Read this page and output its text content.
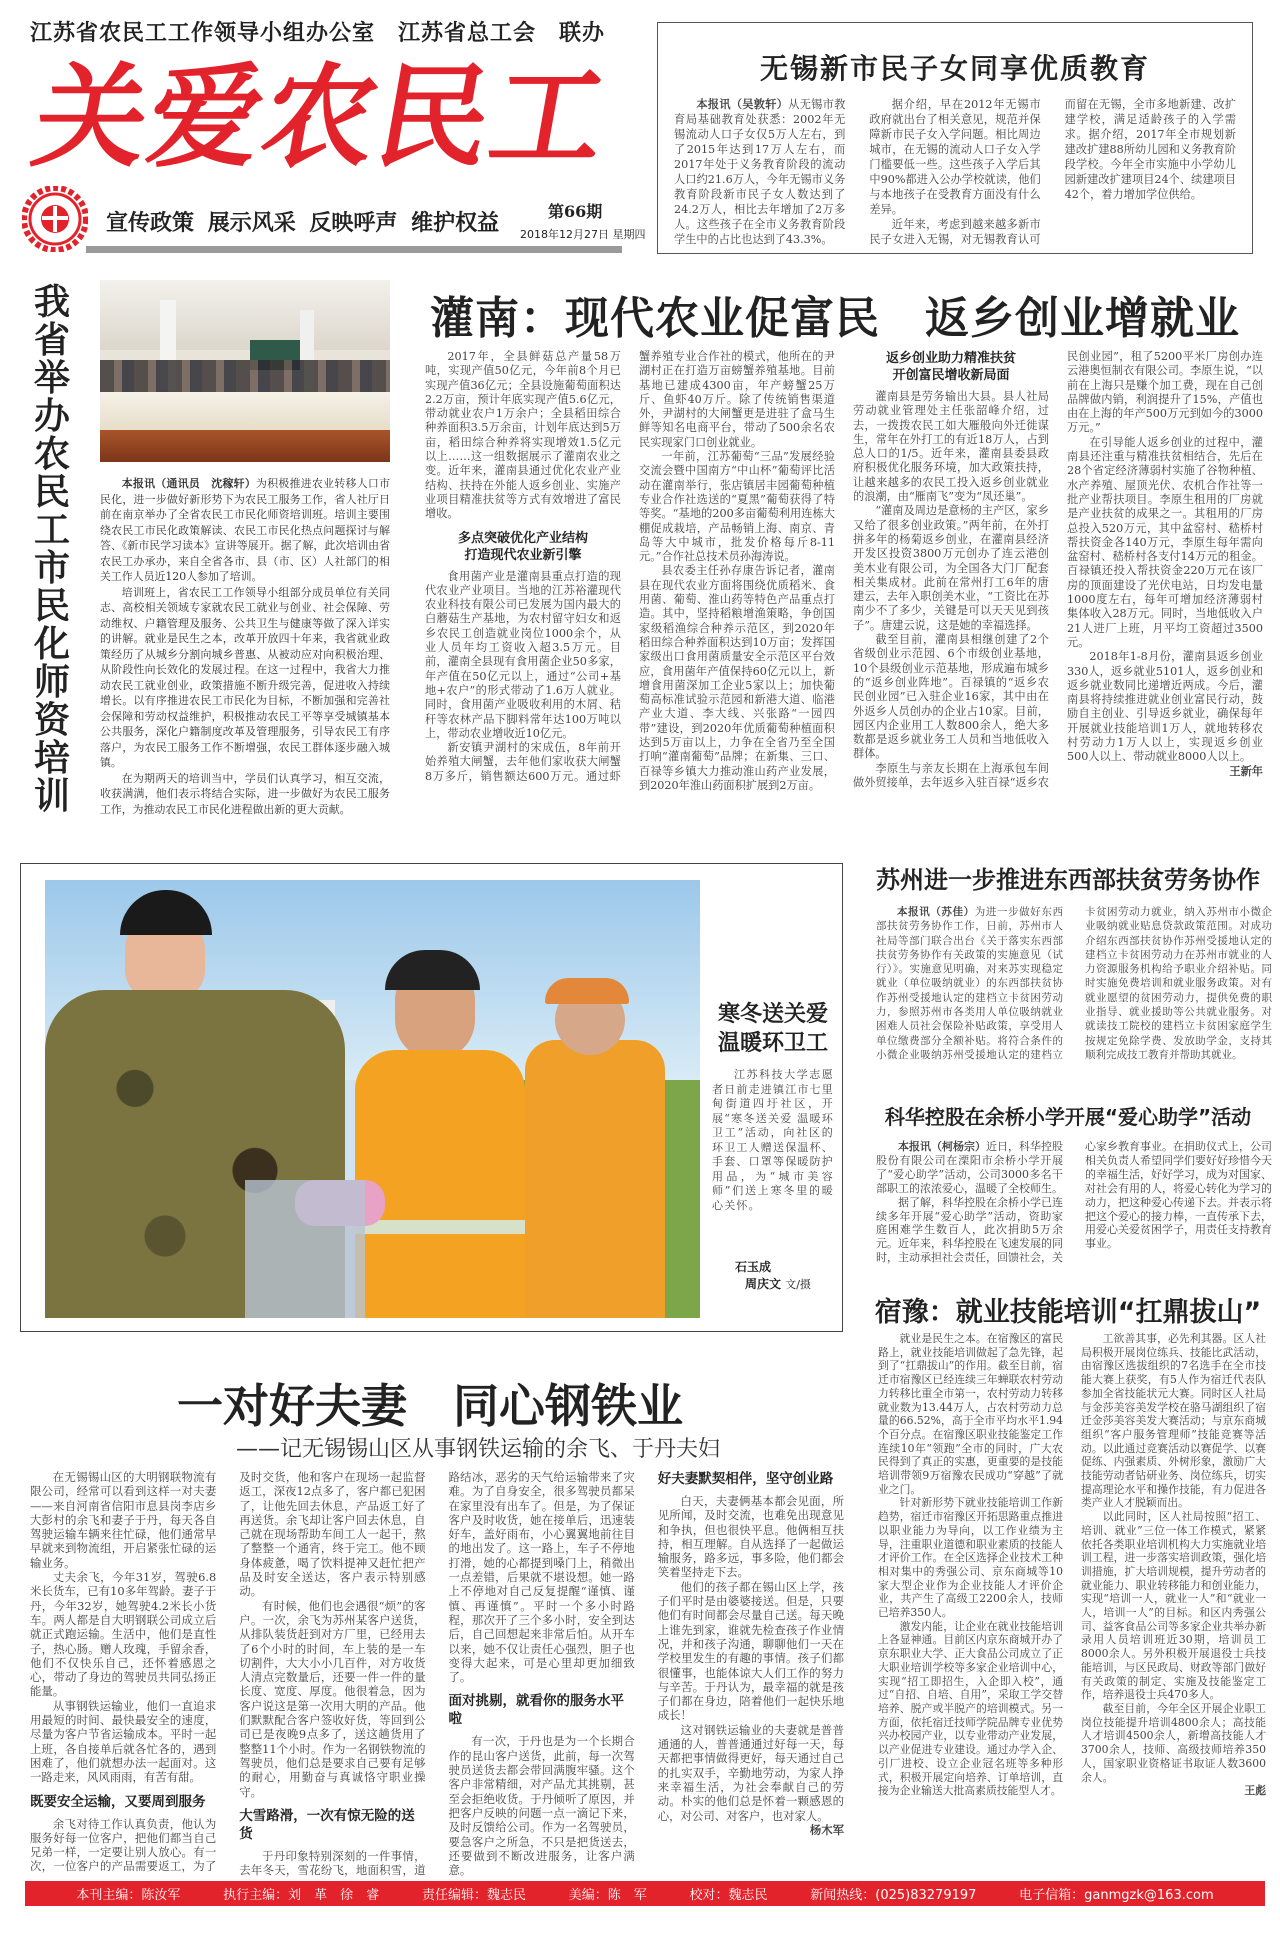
江苏省农民工工作领导小组办公室　江苏省总工会　联办
关爱农民工
宣传政策 展示风采 反映呼声 维护权益	第66期
2018年12月27日 星期四
无锡新市民子女同享优质教育

本报讯（吴敦轩）从无锡市教育局基础教育处获悉：2002年无锡流动人口子女仅5万人左右，到了2015年达到17万人左右，而2017年处于义务教育阶段的流动人口约21.6万人，今年无锡市义务教育阶段新市民子女人数达到了24.2万人，相比去年增加了2万多人。这些孩子在全市义务教育阶段学生中的占比也达到了43.3%。

据介绍，早在2012年无锡市政府就出台了相关意见，规范并保障新市民子女入学问题。相比周边城市，在无锡的流动人口子女入学门槛要低一些。这些孩子入学后其中90%都进入公办学校就读，他们与本地孩子在受教育方面没有什么差异。

近年来，考虑到越来越多新市民子女进入无锡，对无锡教育认可而留在无锡，全市多地新建、改扩建学校，满足适龄孩子的入学需求。据介绍，2017年全市规划新建改扩建88所幼儿园和义务教育阶段学校。今年全市实施中小学幼儿园新建改扩建项目24个、续建项目42个，着力增加学位供给。

我省举办农民工市民化师资培训

本报讯（通讯员　沈稼轩）为积极推进农业转移人口市民化，进一步做好新形势下为农民工服务工作，省人社厅日前在南京举办了全省农民工市民化师资培训班。培训主要围绕农民工市民化政策解读、农民工市民化热点问题探讨与解答、《新市民学习读本》宣讲等展开。据了解，此次培训由省农民工办承办，来自全省各市、县（市、区）人社部门的相关工作人员近120人参加了培训。

培训班上，省农民工工作领导小组部分成员单位有关同志、高校相关领域专家就农民工就业与创业、社会保障、劳动维权、户籍管理及服务、公共卫生与健康等做了深入详实的讲解。就业是民生之本，改革开放四十年来，我省就业政策经历了从城乡分割向城乡普惠、从被动应对向积极治理、从阶段性向长效化的发展过程。在这一过程中，我省大力推动农民工就业创业，政策措施不断升级完善，促进收入持续增长。以有序推进农民工市民化为目标，不断加强和完善社会保障和劳动权益维护，积极推动农民工平等享受城镇基本公共服务，深化户籍制度改革及管理服务，引导农民工有序落户，为农民工服务工作不断增强，农民工群体逐步融入城镇。

在为期两天的培训当中，学员们认真学习，相互交流，收获满满，他们表示将结合实际，进一步做好为农民工服务工作，为推动农民工市民化进程做出新的更大贡献。

灌南：现代农业促富民　返乡创业增就业

2017年，全县鲜菇总产量58万吨，实现产值50亿元，今年前8个月已实现产值36亿元；全县设施葡萄面积达2.2万亩，预计年底实现产值5.6亿元，带动就业农户1万余户；全县稻田综合种养面积3.5万余亩，计划年底达到5万亩，稻田综合种养将实现增效1.5亿元以上……这一组数据展示了灌南农业之变。近年来，灌南县通过优化农业产业结构、扶持在外能人返乡创业、实施产业项目精准扶贫等方式有效增进了富民增收。

多点突破优化产业结构
打造现代农业新引擎

食用菌产业是灌南县重点打造的现代农业产业项目。当地的江苏裕灌现代农业科技有限公司已发展为国内最大的白蘑菇生产基地，为农村留守妇女和返乡农民工创造就业岗位1000余个，从业人员年均工资收入超3.5万元。目前，灌南全县现有食用菌企业50多家，年产值在50亿元以上，通过“公司+基地+农户”的形式带动了1.6万人就业。同时，食用菌产业吸收利用的木屑、秸秆等农林产品下脚料常年达100万吨以上，带动农业增收近10亿元。

新安镇尹湖村的宋成伍，8年前开始养殖大闸蟹，去年他们家收获大闸蟹8万多斤，销售额达600万元。通过虾蟹养殖专业合作社的模式，他所在的尹湖村正在打造万亩螃蟹养殖基地。目前基地已建成4300亩，年产螃蟹25万斤、鱼虾40万斤。除了传统销售渠道外，尹湖村的大闸蟹更是进驻了盒马生鲜等知名电商平台，带动了500余名农民实现家门口创业就业。

一年前，江苏葡萄“三品”发展经验交流会暨中国南方“中山杯”葡萄评比活动在灌南举行，张店镇居丰园葡萄种植专业合作社选送的“夏黑”葡萄获得了特等奖。“基地的200多亩葡萄利用连栋大棚促成栽培，产品畅销上海、南京、青岛等大中城市，批发价格每斤8-11元。”合作社总技术员孙海涛说。

县农委主任孙存康告诉记者，灌南县在现代农业方面将围绕优质稻米、食用菌、葡萄、淮山药等特色产品重点打造。其中，坚持稻粮增渔策略，争创国家级稻渔综合种养示范区，到2020年稻田综合种养面积达到10万亩；发挥国家级出口食用菌质量安全示范区平台效应，食用菌年产值保持60亿元以上，新增食用菌深加工企业5家以上；加快葡萄高标准试验示范园和新港大道、临港产业大道、李大线、兴张路“一园四带”建设，到2020年优质葡萄种植面积达到5万亩以上，力争在全省乃至全国打响“灌南葡萄”品牌；在新集、三口、百禄等乡镇大力推动淮山药产业发展，到2020年淮山药面积扩展到2万亩。

返乡创业助力精准扶贫
开创富民增收新局面

灌南县是劳务输出大县。县人社局劳动就业管理处主任张韶峰介绍，过去，一拨拨农民工如大雁般向外迁徙谋生，常年在外打工的有近18万人，占到总人口的1/5。近年来，灌南县委县政府积极优化服务环境，加大政策扶持，让越来越多的农民工投入返乡创业就业的浪潮，由“雁南飞”变为“凤还巢”。

“灌南及周边是意杨的主产区，家乡又给了很多创业政策。”两年前，在外打拼多年的杨菊返乡创业，在灌南县经济开发区投资3800万元创办了连云港创美木业有限公司，为全国各大门厂配套相关集成材。此前在常州打工6年的唐建云，去年入职创美木业，“工资比在苏南少不了多少，关键是可以天天见到孩子”。唐建云说，这是她的幸福选择。

截至目前，灌南县相继创建了2个省级创业示范园、6个市级创业基地，10个县级创业示范基地，形成遍布城乡的“返乡创业阵地”。百禄镇的“返乡农民创业园”已入驻企业16家，其中由在外返乡人员创办的企业占10家。目前，园区内企业用工人数800余人，绝大多数都是返乡就业务工人员和当地低收入群体。

李原生与亲友长期在上海承包车间做外贸接单，去年返乡入驻百禄“返乡农民创业园”，租了5200平米厂房创办连云港奥恒制衣有限公司。李原生说，“以前在上海只是赚个加工费，现在自己创品牌做内销，利润提升了15%，产值也由在上海的年产500万元到如今的3000万元。”

在引导能人返乡创业的过程中，灌南县还注重与精准扶贫相结合，先后在28个省定经济薄弱村实施了谷物种植、水产养殖、屋顶光伏、农机合作社等一批产业帮扶项目。李原生租用的厂房就是产业扶贫的成果之一。其租用的厂房总投入520万元，其中盆窑村、嵇桥村帮扶资金各140万元，李原生每年需向盆窑村、嵇桥村各支付14万元的租金。百禄镇还投入帮扶资金220万元在该厂房的顶面建设了光伏电站，日均发电量1000度左右，每年可增加经济薄弱村集体收入28万元。同时，当地低收入户21人进厂上班，月平均工资超过3500元。

2018年1-8月份，灌南县返乡创业330人，返乡就业5101人，返乡创业和返乡就业数同比递增近两成。今后，灌南县将持续推进就业创业富民行动，鼓励自主创业、引导返乡就业，确保每年开展就业技能培训1万人，就地转移农村劳动力1万人以上，实现返乡创业500人以上、带动就业8000人以上。

王新年

寒冬送关爱
温暖环卫工

江苏科技大学志愿者日前走进镇江市七里甸街道四圩社区，开展“寒冬送关爱 温暖环卫工”活动，向社区的环卫工人赠送保温杯、手套、口罩等保暖防护用品，为“城市美容师”们送上寒冬里的暖心关怀。

石玉成
周庆文 文/摄
苏州进一步推进东西部扶贫劳务协作

本报讯（苏佳）为进一步做好东西部扶贫劳务协作工作，日前，苏州市人社局等部门联合出台《关于落实东西部扶贫劳务协作有关政策的实施意见（试行）》。实施意见明确，对来苏实现稳定就业（单位吸纳就业）的东西部扶贫协作苏州受援地认定的建档立卡贫困劳动力，参照苏州市各类用人单位吸纳就业困难人员社会保险补贴政策，享受用人单位缴费部分全额补贴。将符合条件的小微企业吸纳苏州受援地认定的建档立卡贫困劳动力就业，纳入苏州市小微企业吸纳就业贴息贷款政策范围。对成功介绍东西部扶贫协作苏州受援地认定的建档立卡贫困劳动力在苏州市就业的人力资源服务机构给予职业介绍补贴。同时实施免费培训和就业服务政策。对有就业愿望的贫困劳动力，提供免费的职业指导、就业援助等公共就业服务。对就读技工院校的建档立卡贫困家庭学生按规定免除学费、发放助学金，支持其顺利完成技工教育并帮助其就业。

科华控股在余桥小学开展“爱心助学”活动

本报讯（柯杨宗）近日，科华控股股份有限公司在溧阳市余桥小学开展了“爱心助学”活动，公司3000多名干部职工的浓浓爱心，温暖了全校师生。

据了解，科华控股在余桥小学已连续多年开展“爱心助学”活动，资助家庭困难学生数百人，此次捐助5万余元。近年来，科华控股在飞速发展的同时，主动承担社会责任，回馈社会，关心家乡教育事业。在捐助仪式上，公司相关负责人希望同学们要好好珍惜今天的幸福生活，好好学习，成为对国家、对社会有用的人，将爱心转化为学习的动力，把这种爱心传递下去。并表示将把这个爱心的接力棒，一直传承下去，用爱心关爱贫困学子，用责任支持教育事业。

宿豫：就业技能培训“扛鼎拔山”

就业是民生之本。在宿豫区的富民路上，就业技能培训做起了急先锋，起到了“扛鼎拔山”的作用。截至目前，宿迁市宿豫区已经连续三年蝉联农村劳动力转移比重全市第一，农村劳动力转移就业数为13.44万人，占农村劳动力总量的66.52%，高于全市平均水平1.94个百分点。在宿豫区职业技能鉴定工作连续10年“领跑”全市的同时，广大农民得到了真正的实惠，更重要的是技能培训带领9万宿豫农民成功“穿越”了就业之门。

针对新形势下就业技能培训工作新趋势，宿迁市宿豫区开拓思路重点推进以职业能力为导向，以工作业绩为主导，注重职业道德和职业素质的技能人才评价工作。在全区选择企业技术工种相对集中的秀强公司、京东商城等10家大型企业作为企业技能人才评价企业，共产生了高级工2200余人，技师已培养350人。

激发内能，让企业在就业技能培训上各显神通。目前区内京东商城开办了京东职业大学、正大食品公司成立了正大职业培训学校等多家企业培训中心，实现“招工即招生，入企即入校”，通过“自招、自培、自用”，采取工学交替培养、脱产或半脱产的培训模式。另一方面，依托宿迁技师学院品牌专业优势兴办校园产业，以专业带动产业发展，以产业促进专业建设。通过办学入企、引厂进校、设立企业冠名班等多种形式，积极开展定向培养、订单培训，直接为企业输送大批高素质技能型人才。

工欲善其事，必先利其器。区人社局积极开展岗位练兵、技能比武活动，由宿豫区选拔组织的7名选手在全市技能大赛上获奖，有5人作为宿迁代表队参加全省技能状元大赛。同时区人社局与金莎美容美发学校在骆马湖组织了宿迁金莎美容美发大赛活动；与京东商城组织“客户服务管理师”技能竞赛等活动。以此通过竞赛活动以赛促学、以赛促练、内强素质、外树形象，激励广大技能劳动者钻研业务、岗位练兵，切实提高理论水平和操作技能，有力促进各类产业人才脱颖而出。

以此同时，区人社局按照“招工、培训、就业”三位一体工作模式，紧紧依托各类职业培训机构大力实施就业培训工程，进一步落实培训政策，强化培训措施，扩大培训规模，提升劳动者的就业能力、职业转移能力和创业能力，实现“培训一人，就业一人”和“就业一人，培训一人”的目标。和区内秀强公司、益客食品公司等多家企业共举办新录用人员培训班近30期，培训员工8000余人。另外积极开展退役士兵技能培训，与区民政局、财政等部门做好有关政策的制定、实施及技能鉴定工作，培养退役士兵470多人。

截至目前，今年全区开展企业职工岗位技能提升培训4800余人；高技能人才培训4500余人，新增高技能人才3700余人，技师、高级技师培养350人，国家职业资格证书取证人数3600余人。

王彪

一对好夫妻　同心钢铁业
——记无锡锡山区从事钢铁运输的余飞、于丹夫妇

在无锡锡山区的大明钢联物流有限公司，经常可以看到这样一对夫妻——来自河南省信阳市息县岗李店乡大彭村的余飞和妻子于丹，每天各自驾驶运输车辆来往忙碌，他们通常早早就来到物流组，开启紧张忙碌的运输业务。

丈夫余飞，今年31岁，驾驶6.8米长货车，已有10多年驾龄。妻子于丹，今年32岁，她驾驶4.2米长小货车。两人都是自大明钢联公司成立后就正式跑运输。生活中，他们是直性子，热心肠。赠人玫瑰，手留余香，他们不仅快乐自己，还怀着感恩之心，带动了身边的驾驶员共同弘扬正能量。

从事钢铁运输业，他们一直追求用最短的时间、最快最安全的速度，尽量为客户节省运输成本。平时一起上班，各自接单后就各忙各的，遇到困难了，他们就想办法一起面对。这一路走来，风风雨雨，有苦有甜。

既要安全运输，又要周到服务

余飞对待工作认真负责，他认为服务好每一位客户，把他们都当自己兄弟一样，一定要让别人放心。有一次，一位客户的产品需要返工，为了及时交货，他和客户在现场一起监督返工，深夜12点多了，客户都已犯困了，让他先回去休息，产品返工好了再送货。余飞却让客户回去休息，自己就在现场帮助车间工人一起干，熬了整整一个通宵，终于完工。他不顾身体疲惫，喝了饮料提神又赶忙把产品及时安全送达，客户表示特别感动。

有时候，他们也会遇很“烦”的客户。一次，余飞为苏州某客户送货，从排队装货赶到对方厂里，已经用去了6个小时的时间，车上装的是一车切割件，大大小小几百件，对方收货人清点完数量后，还要一件一件的量长度、宽度、厚度。他很着急，因为客户说这是第一次用大明的产品。他们默默配合客户签收好货，等回到公司已是夜晚9点多了，送这趟货用了整整11个小时。作为一名钢铁物流的驾驶员，他们总是要求自己要有足够的耐心，用勤奋与真诚恪守职业操守。

大雪路滑，一次有惊无险的送货

于丹印象特别深刻的一件事情，去年冬天，雪花纷飞，地面积雪，道路结冰，恶劣的天气给运输带来了灾难。为了自身安全，很多驾驶员都呆在家里没有出车了。但是，为了保证客户及时收货，她在接单后，迅速装好车，盖好雨布，小心翼翼地前往目的地出发了。这一路上，车子不停地打滑，她的心都提到嗓门上，稍微出一点差错，后果就不堪设想。她一路上不停地对自己反复提醒“谨慎、谨慎、再谨慎”。平时一个多小时路程，那次开了三个多小时，安全到达后，自己回想起来非常后怕。从开车以来，她不仅让责任心强烈，胆子也变得大起来，可是心里却更加细致了。

面对挑剔，就看你的服务水平啦

有一次，于丹也是为一个长期合作的昆山客户送货，此前，每一次驾驶员送货去都会带回满腹牢骚。这个客户非常精细，对产品尤其挑剔，甚至会拒绝收货。于丹倾听了原因，并把客户反映的问题一点一滴记下来，及时反馈给公司。作为一名驾驶员，要急客户之所急，不只是把货送去，还要做到不断改进服务，让客户满意。

好夫妻默契相伴，坚守创业路

白天，夫妻俩基本都会见面，所见所闻，及时交流，也难免出现意见和争执，但也很快平息。他俩相互扶持，相互理解。自从选择了一起做运输服务，路多远，事多险，他们都会笑着坚持走下去。

他们的孩子都在锡山区上学，孩子们平时是由婆婆接送。但是，只要他们有时间都会尽量自己送。每天晚上谁先到家，谁就先检查孩子作业情况，并和孩子沟通，聊聊他们一天在学校里发生的有趣的事情。孩子们都很懂事，也能体谅大人们工作的努力与辛苦。于丹认为，最幸福的就是孩子们都在身边，陪着他们一起快乐地成长！

这对钢铁运输业的夫妻就是普普通通的人，普普通通过好每一天，每天都把事情做得更好，每天通过自己的扎实双手，辛勤地劳动，为家人挣来幸福生活，为社会奉献自己的劳动。朴实的他们总是怀着一颗感恩的心，对公司、对客户，也对家人。

杨木军

本刊主编：陈汝军	执行主编：刘　革　徐　睿	责任编辑：魏志民	美编：陈　军	校对：魏志民	新闻热线：(025)83279197	电子信箱：ganmgzk@163.com
